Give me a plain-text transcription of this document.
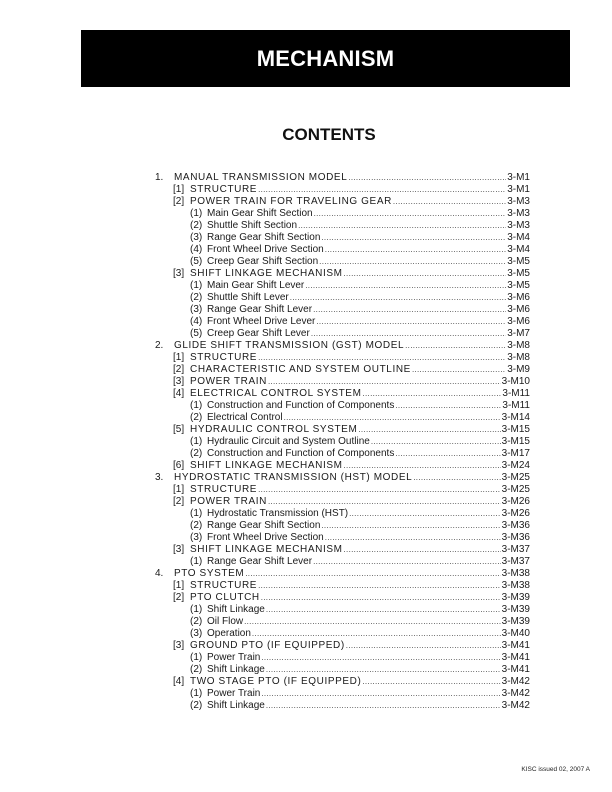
MECHANISM
CONTENTS
1.	MANUAL TRANSMISSION MODEL .....	3-M1
[1] STRUCTURE .....	3-M1
[2] POWER TRAIN FOR TRAVELING GEAR .....	3-M3
(1) Main Gear Shift Section .....	3-M3
(2) Shuttle Shift Section .....	3-M3
(3) Range Gear Shift Section .....	3-M4
(4) Front Wheel Drive Section .....	3-M4
(5) Creep Gear Shift Section .....	3-M5
[3] SHIFT LINKAGE MECHANISM .....	3-M5
(1) Main Gear Shift Lever .....	3-M5
(2) Shuttle Shift Lever .....	3-M6
(3) Range Gear Shift Lever .....	3-M6
(4) Front Wheel Drive Lever .....	3-M6
(5) Creep Gear Shift Lever .....	3-M7
2.	GLIDE SHIFT TRANSMISSION (GST) MODEL .....	3-M8
[1] STRUCTURE .....	3-M8
[2] CHARACTERISTIC AND SYSTEM OUTLINE .....	3-M9
[3] POWER TRAIN .....	3-M10
[4] ELECTRICAL CONTROL SYSTEM .....	3-M11
(1) Construction and Function of Components .....	3-M11
(2) Electrical Control .....	3-M14
[5] HYDRAULIC CONTROL SYSTEM .....	3-M15
(1) Hydraulic Circuit and System Outline .....	3-M15
(2) Construction and Function of Components .....	3-M17
[6] SHIFT LINKAGE MECHANISM .....	3-M24
3.	HYDROSTATIC TRANSMISSION (HST) MODEL .....	3-M25
[1] STRUCTURE .....	3-M25
[2] POWER TRAIN .....	3-M26
(1) Hydrostatic Transmission (HST) .....	3-M26
(2) Range Gear Shift Section .....	3-M36
(3) Front Wheel Drive Section .....	3-M36
[3] SHIFT LINKAGE MECHANISM .....	3-M37
(1) Range Gear Shift Lever .....	3-M37
4.	PTO SYSTEM .....	3-M38
[1] STRUCTURE .....	3-M38
[2] PTO CLUTCH .....	3-M39
(1) Shift Linkage .....	3-M39
(2) Oil Flow .....	3-M39
(3) Operation .....	3-M40
[3] GROUND PTO (IF EQUIPPED) .....	3-M41
(1) Power Train .....	3-M41
(2) Shift Linkage .....	3-M41
[4] TWO STAGE PTO (IF EQUIPPED) .....	3-M42
(1) Power Train .....	3-M42
(2) Shift Linkage .....	3-M42
KISC issued 02, 2007 A
